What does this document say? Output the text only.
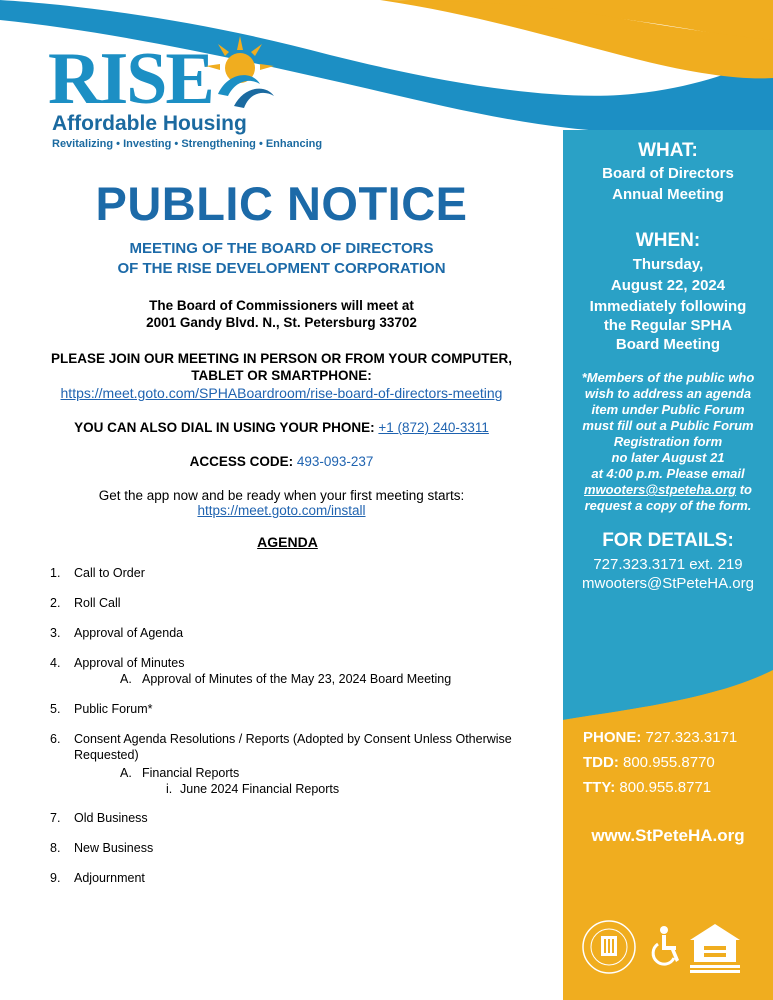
RISE
Affordable Housing
Revitalizing • Investing • Strengthening • Enhancing	WHAT:
Board of Directors
Annual Meeting
WHEN:
Thursday,
August 22, 2024
Immediately following
the Regular SPHA
Board Meeting
*Members of the public who
wish to address an agenda
item under Public Forum
must fill out a Public Forum
Registration form
no later August 21
at 4:00 p.m. Please email
mwooters@stpeteha.org to
request a copy of the form.
FOR DETAILS:
727.323.3171 ext. 219
mwooters@StPeteHA.org
PHONE: 727.323.3171
TDD: 800.955.8770
TTY: 800.955.8771
www.StPeteHA.org
PUBLIC NOTICE
MEETING OF THE BOARD OF DIRECTORS
OF THE RISE DEVELOPMENT CORPORATION
The Board of Commissioners will meet at
2001 Gandy Blvd. N., St. Petersburg 33702
PLEASE JOIN OUR MEETING IN PERSON OR FROM YOUR COMPUTER,
TABLET OR SMARTPHONE:
https://meet.goto.com/SPHABoardroom/rise-board-of-directors-meeting
YOU CAN ALSO DIAL IN USING YOUR PHONE: +1 (872) 240-3311
ACCESS CODE: 493-093-237
Get the app now and be ready when your first meeting starts:
https://meet.goto.com/install
AGENDA
1. Call to Order
2. Roll Call
3. Approval of Agenda
4. Approval of Minutes
A. Approval of Minutes of the May 23, 2024 Board Meeting
5. Public Forum*
6. Consent Agenda Resolutions / Reports (Adopted by Consent Unless Otherwise
Requested)
A. Financial Reports
i. June 2024 Financial Reports
7. Old Business
8. New Business
9. Adjournment
